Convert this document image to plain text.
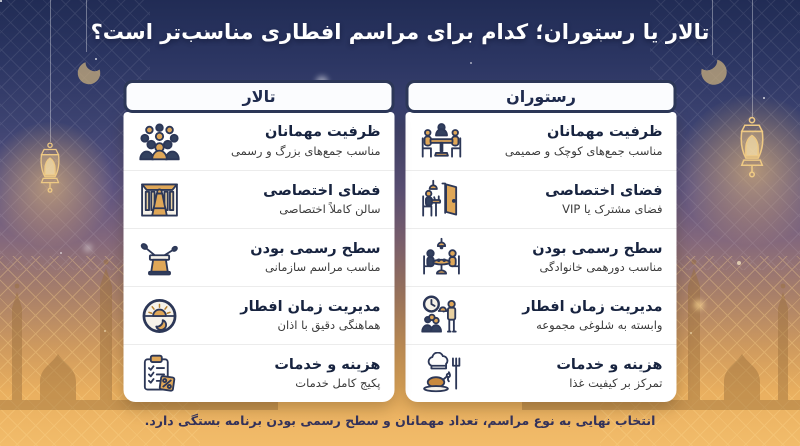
تالار یا رستوران؛ کدام برای مراسم افطاری مناسب‌تر است؟
رستوران
ظرفیت مهمانان
مناسب جمع‌های کوچک و صمیمی
فضای اختصاصی
فضای مشترک یا VIP
سطح رسمی بودن
مناسب دورهمی خانوادگی
مدیریت زمان افطار
وابسته به شلوغی مجموعه
هزینه و خدمات
تمرکز بر کیفیت غذا
تالار
ظرفیت مهمانان
مناسب جمع‌های بزرگ و رسمی
فضای اختصاصی
سالن کاملاً اختصاصی
سطح رسمی بودن
مناسب مراسم سازمانی
مدیریت زمان افطار
هماهنگی دقیق با اذان
هزینه و خدمات
پکیج کامل خدمات
انتخاب نهایی به نوع مراسم، تعداد مهمانان و سطح رسمی بودن برنامه بستگی دارد.
